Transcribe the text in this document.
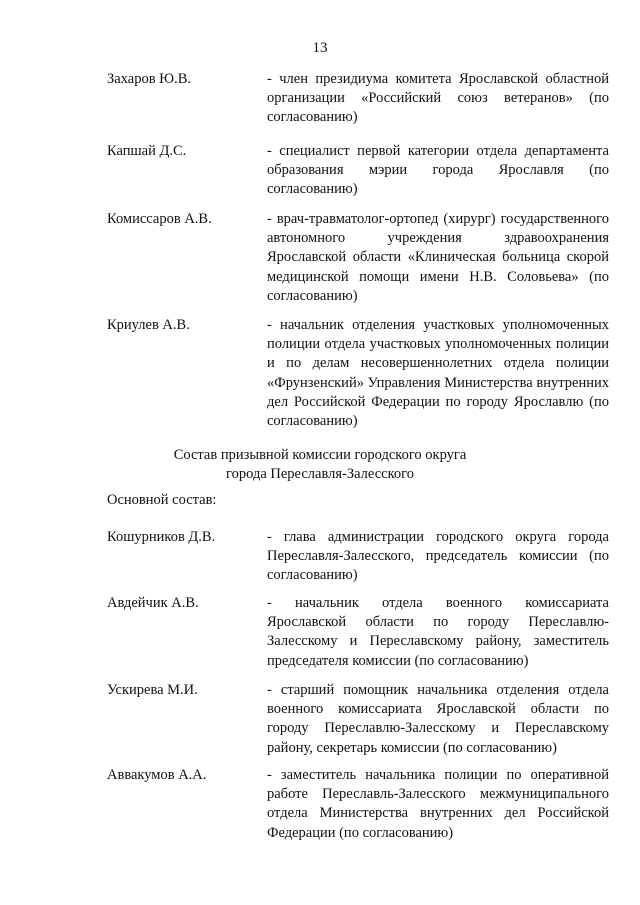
13
Захаров Ю.В.	- член президиума комитета Ярославской областной организации «Российский союз ветеранов» (по согласованию)
Капшай Д.С.	- специалист первой категории отдела департамента образования мэрии города Ярославля (по согласованию)
Комиссаров А.В.	- врач-травматолог-ортопед (хирург) государственного автономного учреждения здравоохранения Ярославской области «Клиническая больница скорой медицинской помощи имени Н.В. Соловьева» (по согласованию)
Криулев А.В.	- начальник отделения участковых уполномоченных полиции отдела участковых уполномоченных полиции и по делам несовершеннолетних отдела полиции «Фрунзенский» Управления Министерства внутренних дел Российской Федерации по городу Ярославлю (по согласованию)
Состав призывной комиссии городского округа
города Переславля-Залесского
Основной состав:
Кошурников Д.В.	- глава администрации городского округа города Переславля-Залесского, председатель комиссии (по согласованию)
Авдейчик А.В.	- начальник отдела военного комиссариата Ярославской области по городу Переславлю-Залесскому и Переславскому району, заместитель председателя комиссии (по согласованию)
Ускирева М.И.	- старший помощник начальника отделения отдела военного комиссариата Ярославской области по городу Переславлю-Залесскому и Переславскому району, секретарь комиссии (по согласованию)
Аввакумов А.А.	- заместитель начальника полиции по оперативной работе Переславль-Залесского межмуниципального отдела Министерства внутренних дел Российской Федерации (по согласованию)
